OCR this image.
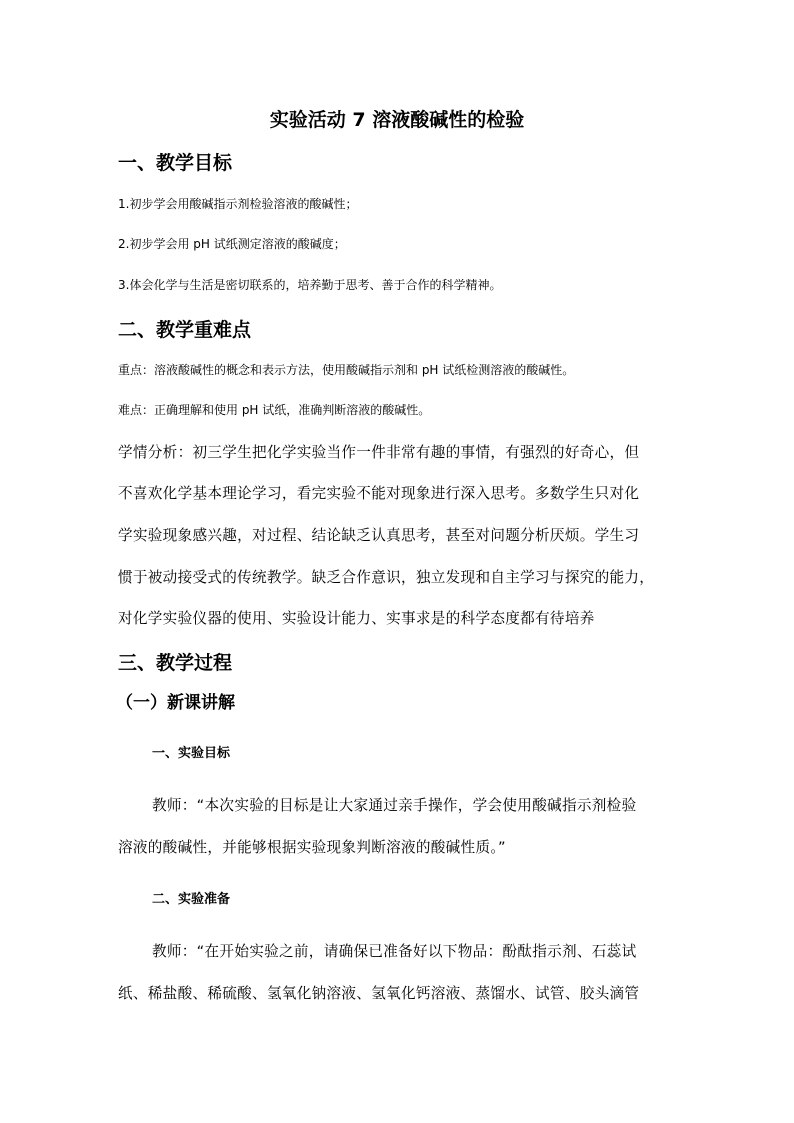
实验活动 7 溶液酸碱性的检验

一、教学目标

1.初步学会用酸碱指示剂检验溶液的酸碱性；

2.初步学会用 pH 试纸测定溶液的酸碱度；

3.体会化学与生活是密切联系的，培养勤于思考、善于合作的科学精神。

二、教学重难点

重点：溶液酸碱性的概念和表示方法，使用酸碱指示剂和 pH 试纸检测溶液的酸碱性。

难点：正确理解和使用 pH 试纸，准确判断溶液的酸碱性。

学情分析：初三学生把化学实验当作一件非常有趣的事情，有强烈的好奇心，但

不喜欢化学基本理论学习，看完实验不能对现象进行深入思考。多数学生只对化

学实验现象感兴趣，对过程、结论缺乏认真思考，甚至对问题分析厌烦。学生习

惯于被动接受式的传统教学。缺乏合作意识，独立发现和自主学习与探究的能力，

对化学实验仪器的使用、实验设计能力、实事求是的科学态度都有待培养

三、教学过程

（一）新课讲解

一、实验目标

教师：“本次实验的目标是让大家通过亲手操作，学会使用酸碱指示剂检验

溶液的酸碱性，并能够根据实验现象判断溶液的酸碱性质。”

二、实验准备

教师：“在开始实验之前，请确保已准备好以下物品：酚酞指示剂、石蕊试

纸、稀盐酸、稀硫酸、氢氧化钠溶液、氢氧化钙溶液、蒸馏水、试管、胶头滴管
